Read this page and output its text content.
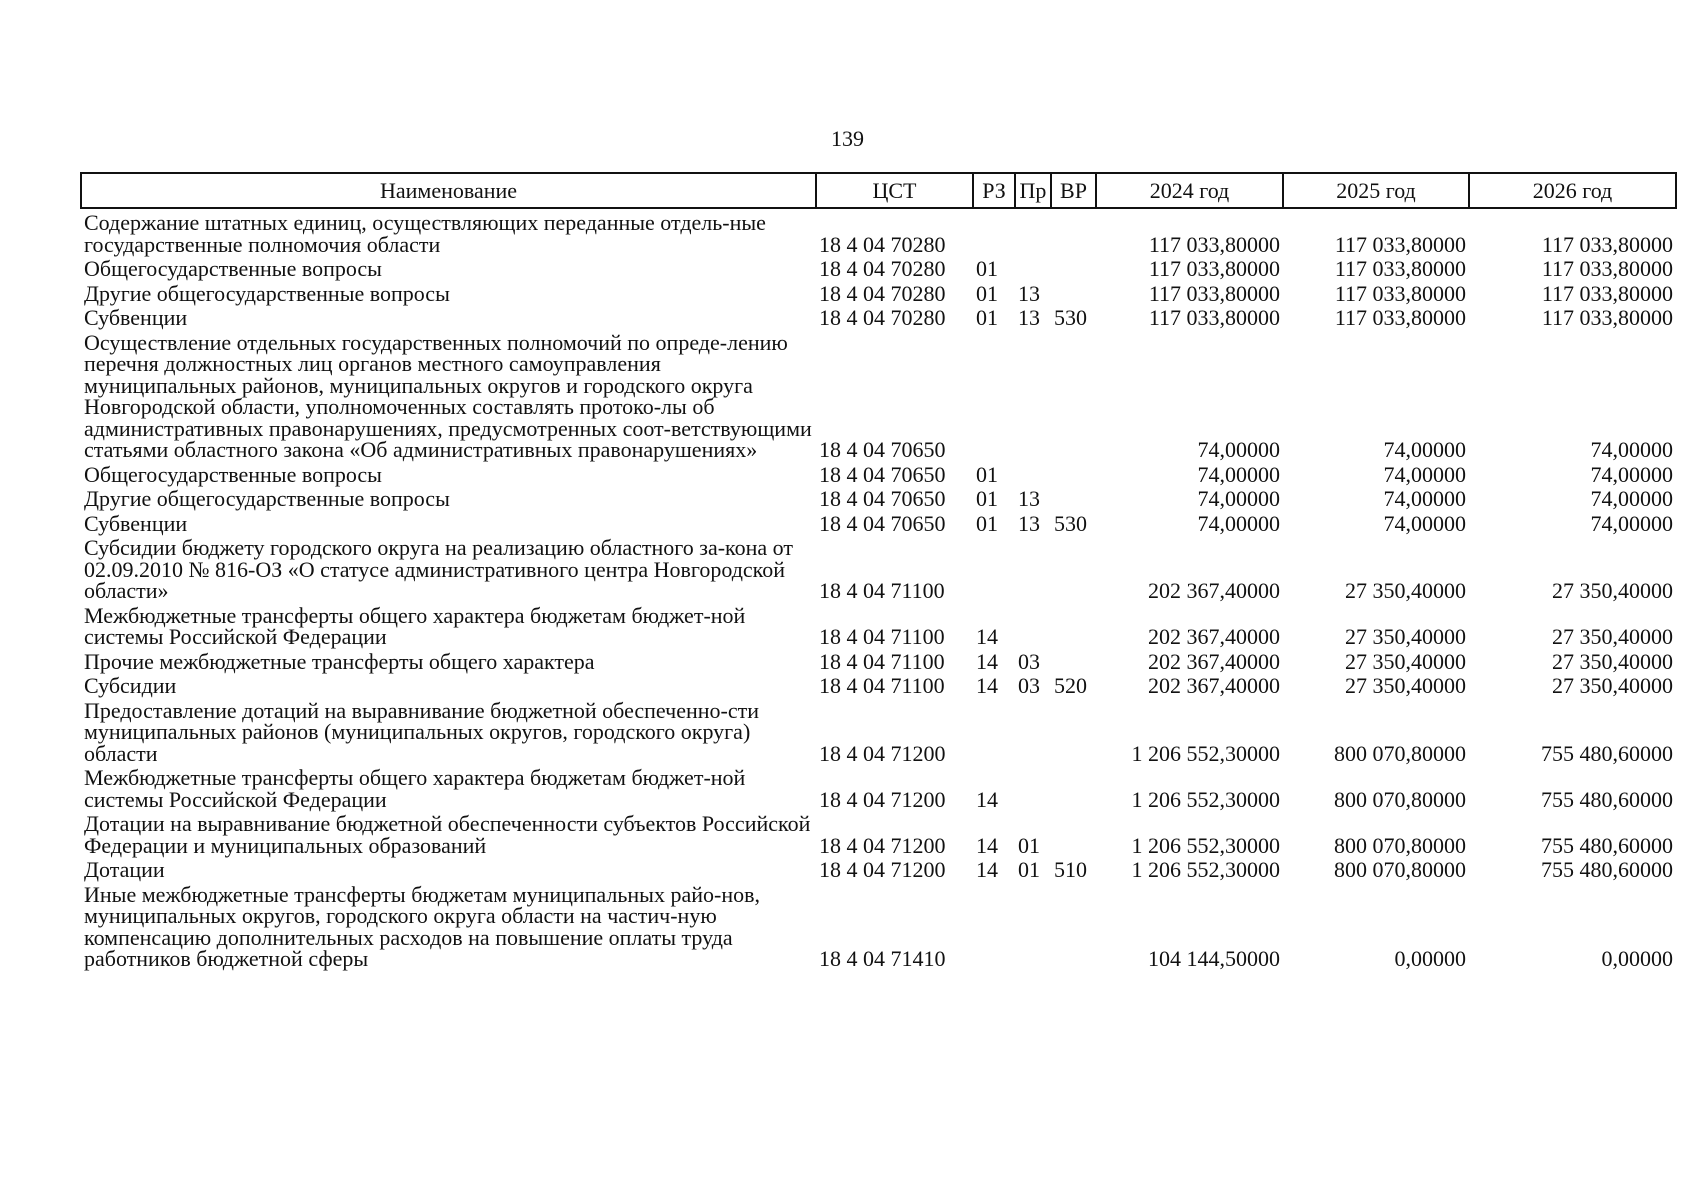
139
Наименование	ЦСТ	РЗ	Пр	ВР	2024 год	2025 год	2026 год
Содержание штатных единиц, осуществляющих переданные отдель-ные государственные полномочия области	18 4 04 70280				117 033,80000	117 033,80000	117 033,80000
Общегосударственные вопросы	18 4 04 70280	01			117 033,80000	117 033,80000	117 033,80000
Другие общегосударственные вопросы	18 4 04 70280	01	13		117 033,80000	117 033,80000	117 033,80000
Субвенции	18 4 04 70280	01	13	530	117 033,80000	117 033,80000	117 033,80000
Осуществление отдельных государственных полномочий по опреде-лению перечня должностных лиц органов местного самоуправления муниципальных районов, муниципальных округов и городского округа Новгородской области, уполномоченных составлять протоко-лы об административных правонарушениях, предусмотренных соот-ветствующими статьями областного закона «Об административных правонарушениях»	18 4 04 70650				74,00000	74,00000	74,00000
Общегосударственные вопросы	18 4 04 70650	01			74,00000	74,00000	74,00000
Другие общегосударственные вопросы	18 4 04 70650	01	13		74,00000	74,00000	74,00000
Субвенции	18 4 04 70650	01	13	530	74,00000	74,00000	74,00000
Субсидии бюджету городского округа на реализацию областного за-кона от 02.09.2010 № 816-ОЗ «О статусе административного центра Новгородской области»	18 4 04 71100				202 367,40000	27 350,40000	27 350,40000
Межбюджетные трансферты общего характера бюджетам бюджет-ной системы Российской Федерации	18 4 04 71100	14			202 367,40000	27 350,40000	27 350,40000
Прочие межбюджетные трансферты общего характера	18 4 04 71100	14	03		202 367,40000	27 350,40000	27 350,40000
Субсидии	18 4 04 71100	14	03	520	202 367,40000	27 350,40000	27 350,40000
Предоставление дотаций на выравнивание бюджетной обеспеченно-сти муниципальных районов (муниципальных округов, городского округа) области	18 4 04 71200				1 206 552,30000	800 070,80000	755 480,60000
Межбюджетные трансферты общего характера бюджетам бюджет-ной системы Российской Федерации	18 4 04 71200	14			1 206 552,30000	800 070,80000	755 480,60000
Дотации на выравнивание бюджетной обеспеченности субъектов Российской Федерации и муниципальных образований	18 4 04 71200	14	01		1 206 552,30000	800 070,80000	755 480,60000
Дотации	18 4 04 71200	14	01	510	1 206 552,30000	800 070,80000	755 480,60000
Иные межбюджетные трансферты бюджетам муниципальных райо-нов, муниципальных округов, городского округа области на частич-ную компенсацию дополнительных расходов на повышение оплаты труда работников бюджетной сферы	18 4 04 71410				104 144,50000	0,00000	0,00000
